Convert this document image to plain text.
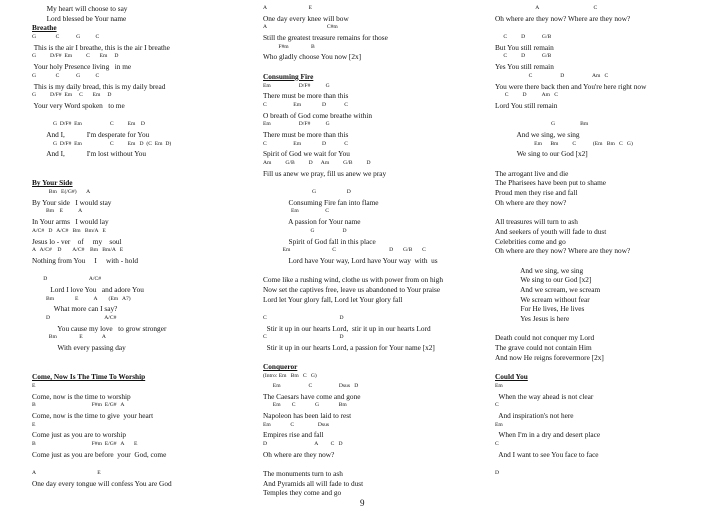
My heart will choose to say
Lord blessed be Your name
Breathe
G              C            G           C
This is the air I breathe, this is the air I breathe
G          D/F#  Em          C       Em     D
Your holy Presence living   in me
G              C            G           C
This is my daily bread, this is my daily bread
G          D/F#  Em     C       Em     D
Your very Word spoken   to me
G  D/F#  Em                    C          Em    D
And I,            I'm desperate for You
G  D/F#  Em                    C          Em   D  (C  Em  D)
And I,            I'm lost without You
By Your Side
Bm   E(/G#)       A
By Your side   I would stay
Bm    E           A
In Your arms   I would lay
A/C#   D   A/C#   Bm   Bm/A   E
Jesus lo - ver    of     my    soul
A   A/C#    D        A/C#    Bm   Bm/A   E
Nothing from You     I     with - hold
D                              A/C#
Lord I love You   and adore You
Bm               E           A        (Em   A7)
What more can I say?
D                                       A/C#
You cause my love   to grow stronger
Bm                E              A
With every passing day
Come, Now Is The Time To Worship
E
Come, now is the time to worship
B                                        F#m  E/G#   A
Come, now is the time to give  your heart
E
Come just as you are to worship
B                                        F#m  E/G#   A       E
Come just as you are before  your  God, come
A                                            E
One day every tongue will confess You are God
A                              E
One day every knee will bow
A                                           C#m
Still the greatest treasure remains for those
F#m                B
Who gladly choose You now [2x]
Consuming Fire
Em                    D/F#           G
There must be more than this
C                   Em               D             C
O breath of God come breathe within
Em                    D/F#           G
There must be more than this
C                   Em               D             C
Spirit of God we wait for You
Am          G/B          D      Am          G/B          D
Fill us anew we pray, fill us anew we pray
G                      D
Consuming Fire fan into flame
Em                   C
A passion for Your name
G                    D
Spirit of God fall in this place
Em                              C                                      D       G/B       C
Lord have Your way, Lord have Your way  with  us
Come like a rushing wind, clothe us with power from on high
Now set the captives free, leave us abandoned to Your praise
Lord let Your glory fall, Lord let Your glory fall
C                                                    D
Stir it up in our hearts Lord,  stir it up in our hearts Lord
C                                                    D
Stir it up in our hearts Lord, a passion for Your name [x2]
Conqueror
(Intro: Em   Bm   C   G)
Em                    C                   Dsus   D
The Caesars have come and gone
Em        C              G              Bm
Napoleon has been laid to rest
Em              C                 Dsus
Empires rise and fall
D                                  A         C   D
Oh where are they now?
The monuments turn to ash
And Pyramids all will fade to dust
Temples they come and go
A                                       C
Oh where are they now? Where are they now?
C          D            G/B
But You still remain
C          D            G/B
Yes You still remain
C                    D                    Am   C
You were there back then and You're here right now
C          D           Am   C
Lord You still remain
G                  Bm
And we sing, we sing
Em      Bm          C            (Em   Bm   C   G)
We sing to our God [x2]
The arrogant live and die
The Pharisees have been put to shame
Proud men they rise and fall
Oh where are they now?
All treasures will turn to ash
And seekers of youth will fade to dust
Celebrities come and go
Oh where are they now? Where are they now?
And we sing, we sing
We sing to our God [x2]
And we scream, we scream
We scream without fear
For He lives, He lives
Yes Jesus is here
Death could not conquer my Lord
The grave could not contain Him
And now He reigns forevermore [2x]
Could You
Em
When the way ahead is not clear
C
And inspiration's not here
Em
When I'm in a dry and desert place
C
And I want to see You face to face
D
9
